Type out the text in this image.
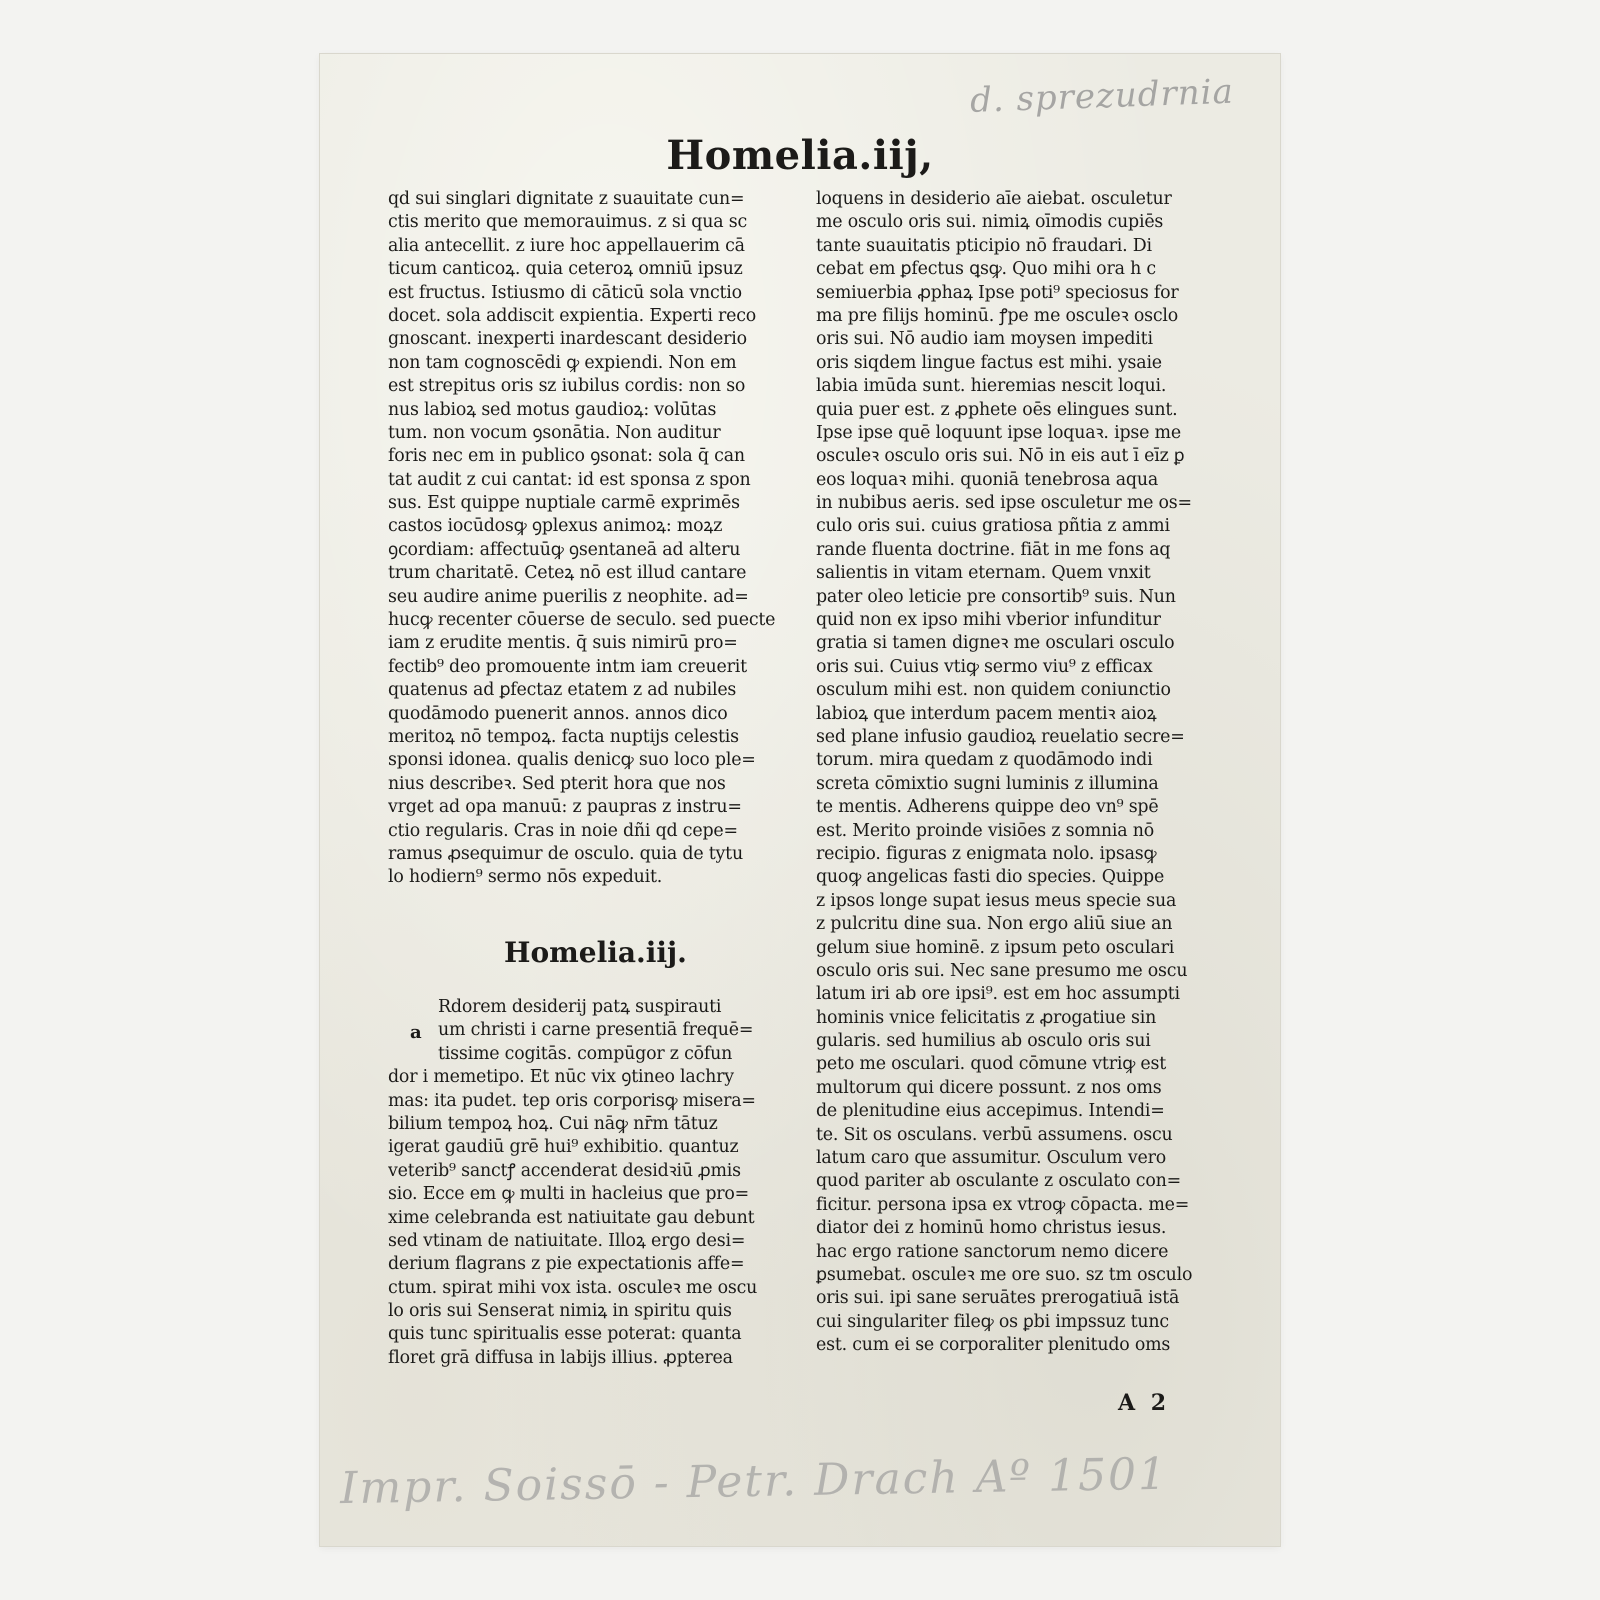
d. sprezudrnia
Homelia.iij,
qd sui singlari dignitate z suauitate cun=
ctis merito que memorauimus. z si qua sc
alia antecellit. z iure hoc appellauerim cā
ticum canticoꝝ. quia ceteroꝝ omniū ipsuz
est fructus. Istiusmo di cāticū sola vnctio
docet. sola addiscit expientia. Experti reco
gnoscant. inexperti inardescant desiderio
non tam cognoscēdi ꝙ expiendi. Non em
est strepitus oris sz iubilus cordis: non so
nus labioꝝ sed motus gaudioꝝ: volūtas
tum. non vocum ꝯsonātia. Non auditur
foris nec em in publico ꝯsonat: sola q̄ can
tat audit z cui cantat: id est sponsa z spon
sus. Est quippe nuptiale carmē exprimēs
castos iocūdosꝙ ꝯplexus animoꝝ: moꝝz
ꝯcordiam: affectuūꝙ ꝯsentaneā ad alteru
trum charitatē. Ceteꝝ nō est illud cantare
seu audire anime puerilis z neophite. ad=
hucꝙ recenter cōuerse de seculo. sed puecte
iam z erudite mentis. q̄ suis nimirū pro=
fectib⁹ deo promouente intm iam creuerit
quatenus ad ꝑfectaz etatem z ad nubiles
quodāmodo puenerit annos. annos dico
meritoꝝ nō tempoꝝ. facta nuptijs celestis
sponsi idonea. qualis denicꝙ suo loco ple=
nius describeꝛ. Sed pterit hora que nos
vrget ad opa manuū: z paupras z instru=
ctio regularis. Cras in noie dñi qd cepe=
ramus ꝓsequimur de osculo. quia de tytu
lo hodiern⁹ sermo nōs expeduit.
Homelia.iij.
a
Rdorem desiderij patꝝ suspirauti
um christi i carne presentiā frequē=
tissime cogitās. compūgor z cōfun
dor i memetipo. Et nūc vix ꝯtineo lachry
mas: ita pudet. tep oris corporisꝙ misera=
bilium tempoꝝ hoꝝ. Cui nāꝙ nr̄m tātuz
igerat gaudiū grē hui⁹ exhibitio. quantuz
veterib⁹ sanctꝭ accenderat desidꝛiū ꝓmis
sio. Ecce em ꝙ multi in hacleius que pro=
xime celebranda est natiuitate gau debunt
sed vtinam de natiuitate. Illoꝝ ergo desi=
derium flagrans z pie expectationis affe=
ctum. spirat mihi vox ista. osculeꝛ me oscu
lo oris sui Senserat nimiꝝ in spiritu quis
quis tunc spiritualis esse poterat: quanta
floret grā diffusa in labijs illius. ꝓpterea
loquens in desiderio aīe aiebat. osculetur
me osculo oris sui. nimiꝝ oīmodis cupiēs
tante suauitatis pticipio nō fraudari. Di
cebat em ꝑfectus ꝗsꝙ. Quo mihi ora h c
semiuerbia ꝓphaꝝ Ipse poti⁹ speciosus for
ma pre filijs hominū. ꝭpe me osculeꝛ osclo
oris sui. Nō audio iam moysen impediti
oris siqdem lingue factus est mihi. ysaie
labia imūda sunt. hieremias nescit loqui.
quia puer est. z ꝓphete oēs elingues sunt.
Ipse ipse quē loquunt ipse loquaꝛ. ipse me
osculeꝛ osculo oris sui. Nō in eis aut ī eīz ꝑ
eos loquaꝛ mihi. quoniā tenebrosa aqua
in nubibus aeris. sed ipse osculetur me os=
culo oris sui. cuius gratiosa pñtia z ammi
rande fluenta doctrine. fiāt in me fons aq
salientis in vitam eternam. Quem vnxit
pater oleo leticie pre consortib⁹ suis. Nun
quid non ex ipso mihi vberior infunditur
gratia si tamen digneꝛ me osculari osculo
oris sui. Cuius vtiꝙ sermo viu⁹ z efficax
osculum mihi est. non quidem coniunctio
labioꝝ que interdum pacem mentiꝛ aioꝝ
sed plane infusio gaudioꝝ reuelatio secre=
torum. mira quedam z quodāmodo indi
screta cōmixtio sugni luminis z illumina
te mentis. Adherens quippe deo vn⁹ spē
est. Merito proinde visiōes z somnia nō
recipio. figuras z enigmata nolo. ipsasꝙ
quoꝙ angelicas fasti dio species. Quippe
z ipsos longe supat iesus meus specie sua
z pulcritu dine sua. Non ergo aliū siue an
gelum siue hominē. z ipsum peto osculari
osculo oris sui. Nec sane presumo me oscu
latum iri ab ore ipsi⁹. est em hoc assumpti
hominis vnice felicitatis z ꝓrogatiue sin
gularis. sed humilius ab osculo oris sui
peto me osculari. quod cōmune vtriꝙ est
multorum qui dicere possunt. z nos oms
de plenitudine eius accepimus. Intendi=
te. Sit os osculans. verbū assumens. oscu
latum caro que assumitur. Osculum vero
quod pariter ab osculante z osculato con=
ficitur. persona ipsa ex vtroꝙ cōpacta. me=
diator dei z hominū homo christus iesus.
hac ergo ratione sanctorum nemo dicere
ꝑsumebat. osculeꝛ me ore suo. sz tm osculo
oris sui. ipi sane seruātes prerogatiuā istā
cui singulariter fileꝙ os ꝑbi impssuz tunc
est. cum ei se corporaliter plenitudo oms
A 2
Impr. Soissō - Petr. Drach Aº 1501
